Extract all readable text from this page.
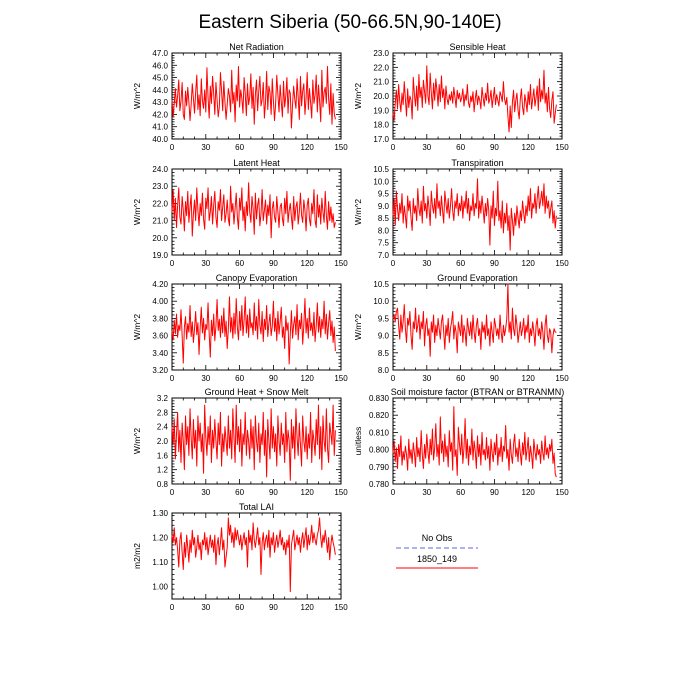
Eastern Siberia (50-66.5N,90-140E)
Net Radiation
0	30	60	90	120	150
40.0
41.0
42.0
43.0
44.0
45.0
46.0
47.0
W/m^2
Sensible Heat
0	30	60	90	120	150
17.0
18.0
19.0
20.0
21.0
22.0
23.0
W/m^2
Latent Heat
0	30	60	90	120	150
19.0
20.0
21.0
22.0
23.0
24.0
W/m^2
Transpiration
0	30	60	90	120	150
7.0
7.5
8.0
8.5
9.0
9.5
10.0
10.5
W/m^2
Canopy Evaporation
0	30	60	90	120	150
3.20
3.40
3.60
3.80
4.00
4.20
W/m^2
Ground Evaporation
0	30	60	90	120	150
8.0
8.5
9.0
9.5
10.0
10.5
W/m^2
Ground Heat + Snow Melt
0	30	60	90	120	150
0.8
1.2
1.6
2.0
2.4
2.8
3.2
W/m^2
Soil moisture factor (BTRAN or BTRANMN)
0	30	60	90	120	150
0.780
0.790
0.800
0.810
0.820
0.830
unitless
Total LAI
0	30	60	90	120	150
1.00
1.10
1.20
1.30
m2/m2
No Obs
1850_149
